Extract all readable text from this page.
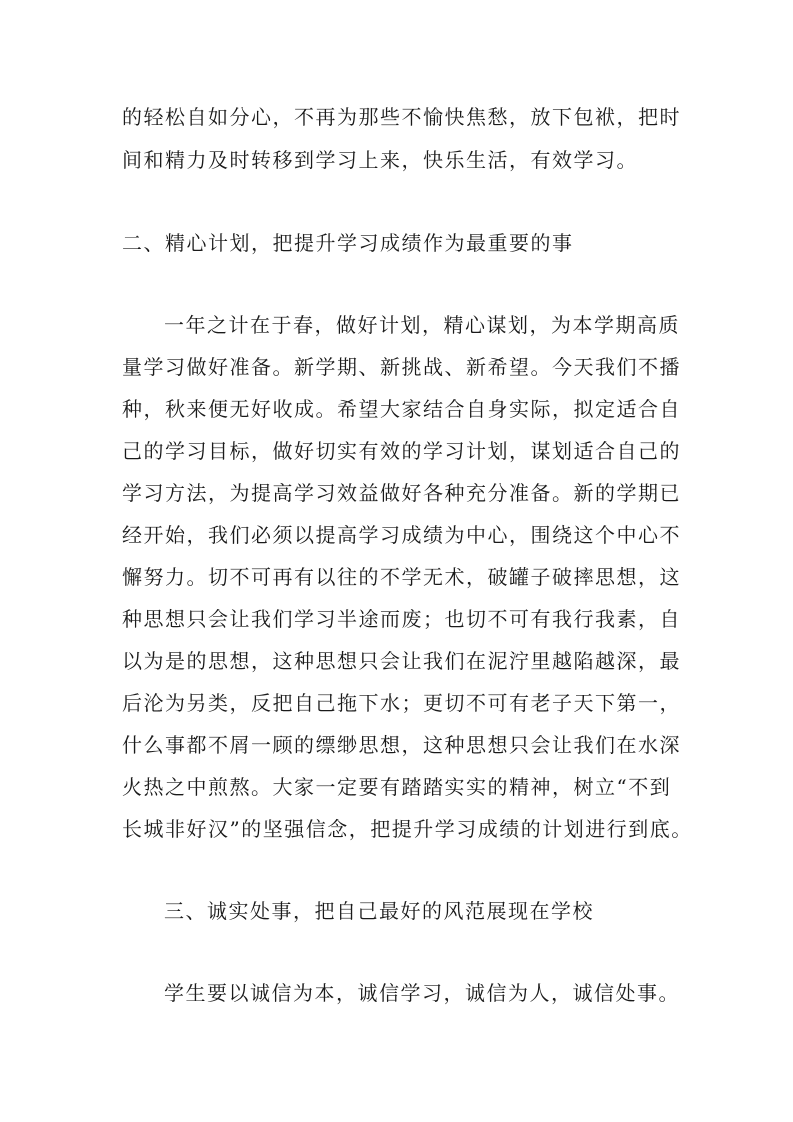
的轻松自如分心，不再为那些不愉快焦愁，放下包袱，把时
间和精力及时转移到学习上来，快乐生活，有效学习。
二、精心计划，把提升学习成绩作为最重要的事
一年之计在于春，做好计划，精心谋划，为本学期高质
量学习做好准备。新学期、新挑战、新希望。今天我们不播
种，秋来便无好收成。希望大家结合自身实际，拟定适合自
己的学习目标，做好切实有效的学习计划，谋划适合自己的
学习方法，为提高学习效益做好各种充分准备。新的学期已
经开始，我们必须以提高学习成绩为中心，围绕这个中心不
懈努力。切不可再有以往的不学无术，破罐子破摔思想，这
种思想只会让我们学习半途而废；也切不可有我行我素，自
以为是的思想，这种思想只会让我们在泥泞里越陷越深，最
后沦为另类，反把自己拖下水；更切不可有老子天下第一，
什么事都不屑一顾的缥缈思想，这种思想只会让我们在水深
火热之中煎熬。大家一定要有踏踏实实的精神，树立“不到
长城非好汉”的坚强信念，把提升学习成绩的计划进行到底。
三、诚实处事，把自己最好的风范展现在学校
学生要以诚信为本，诚信学习，诚信为人，诚信处事。
